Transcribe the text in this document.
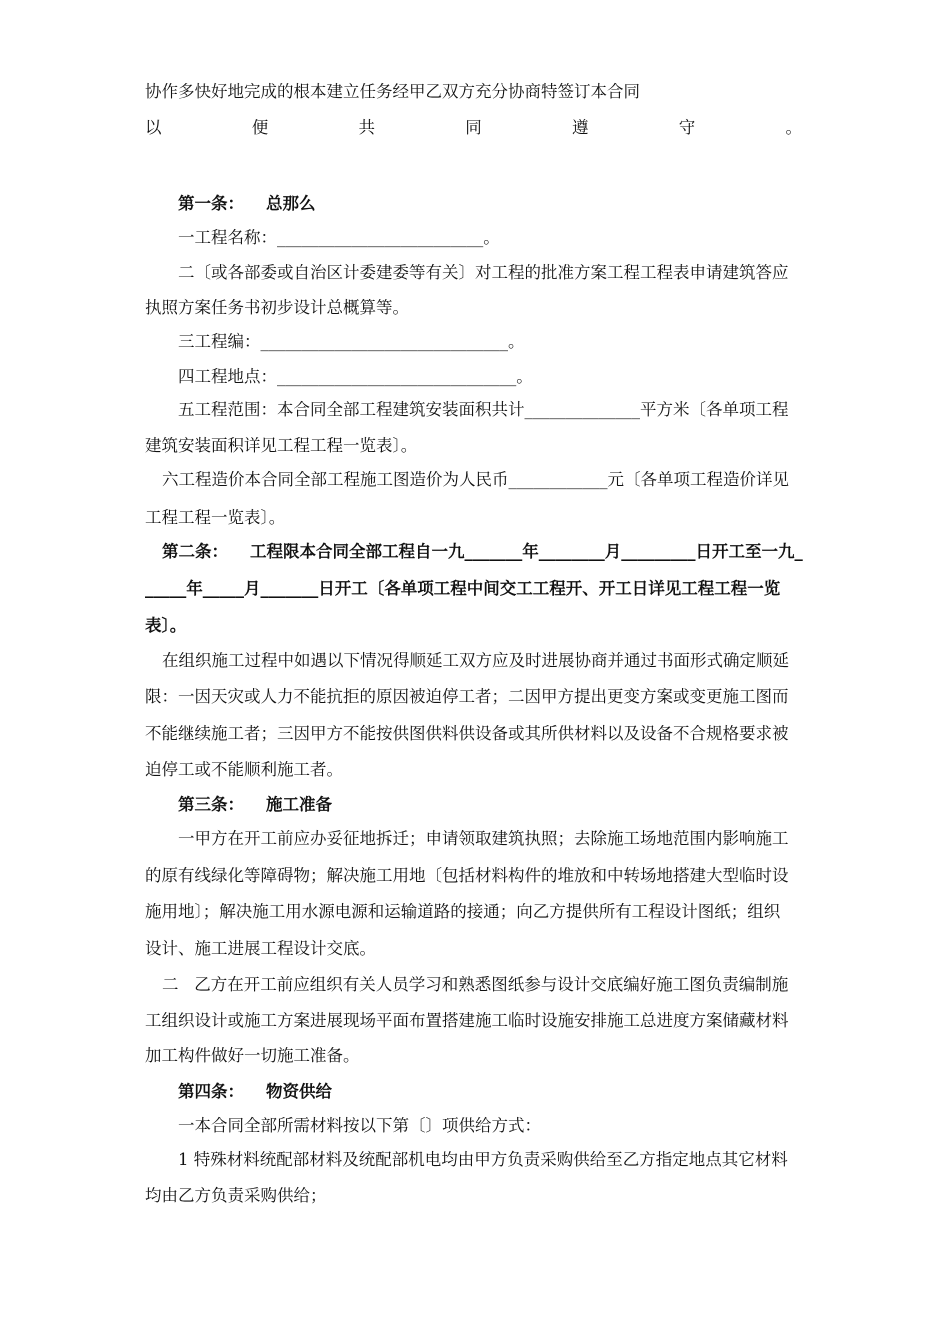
协作多快好地完成的根本建立任务经甲乙双方充分协商特签订本合同
以	便	共	同	遵	守	。
第一条： 总那么
一工程名称：_________________________。
二〔或各部委或自治区计委建委等有关〕对工程的批准方案工程工程表申请建筑答应
执照方案任务书初步设计总概算等。
三工程编：______________________________。
四工程地点：_____________________________。
五工程范围：本合同全部工程建筑安装面积共计______________平方米〔各单项工程
建筑安装面积详见工程工程一览表〕。
六工程造价本合同全部工程施工图造价为人民币____________元〔各单项工程造价详见
工程工程一览表〕。
第二条： 工程限本合同全部工程自一九_______年________月_________日开工至一九_
_____年_____月_______日开工〔各单项工程中间交工工程开、开工日详见工程工程一览
表〕。
在组织施工过程中如遇以下情况得顺延工双方应及时进展协商并通过书面形式确定顺延
限：一因天灾或人力不能抗拒的原因被迫停工者；二因甲方提出更变方案或变更施工图而
不能继续施工者；三因甲方不能按供图供料供设备或其所供材料以及设备不合规格要求被
迫停工或不能顺利施工者。
第三条： 施工准备
一甲方在开工前应办妥征地拆迁；申请领取建筑执照；去除施工场地范围内影响施工
的原有线绿化等障碍物；解决施工用地〔包括材料构件的堆放和中转场地搭建大型临时设
施用地〕；解决施工用水源电源和运输道路的接通；向乙方提供所有工程设计图纸；组织
设计、施工进展工程设计交底。
二   乙方在开工前应组织有关人员学习和熟悉图纸参与设计交底编好施工图负责编制施
工组织设计或施工方案进展现场平面布置搭建施工临时设施安排施工总进度方案储藏材料
加工构件做好一切施工准备。
第四条： 物资供给
一本合同全部所需材料按以下第〔〕项供给方式：
1 特殊材料统配部材料及统配部机电均由甲方负责采购供给至乙方指定地点其它材料
均由乙方负责采购供给；
